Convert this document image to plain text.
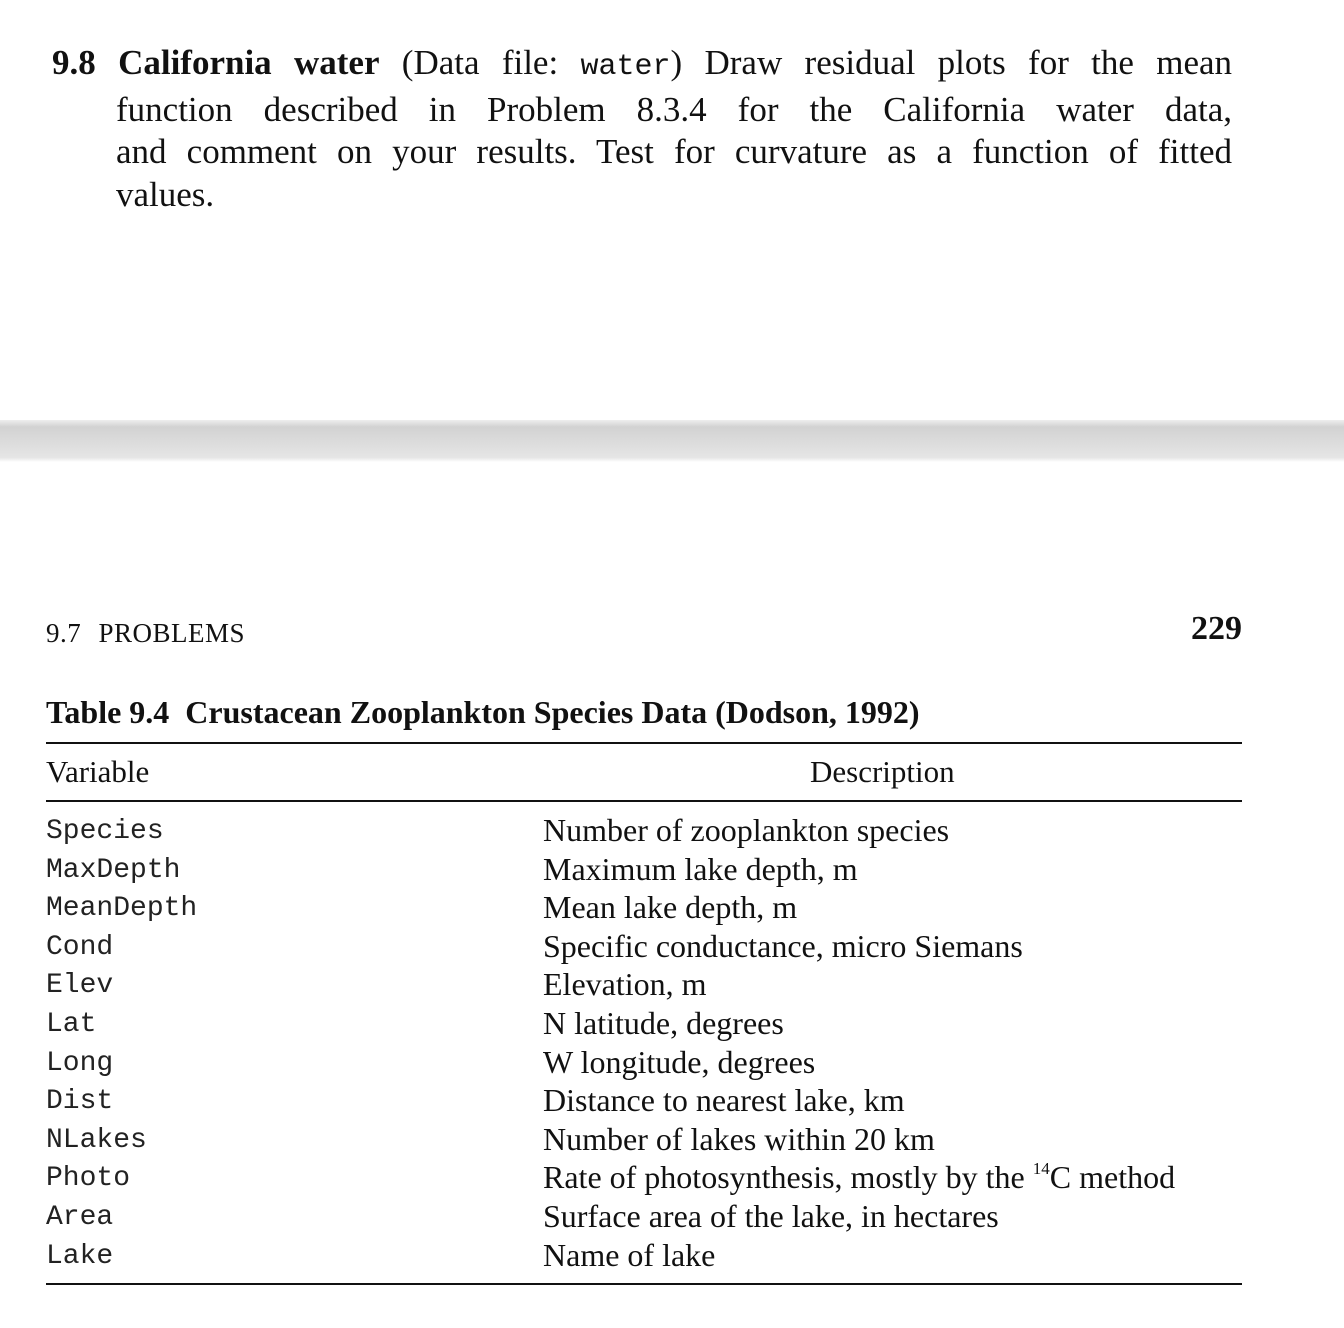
9.8 California water (Data file: water) Draw residual plots for the mean
function described in Problem 8.3.4 for the California water data,
and comment on your results. Test for curvature as a function of fitted
values.
9.7 PROBLEMS	229
Table 9.4 Crustacean Zooplankton Species Data (Dodson, 1992)
Variable	Description
Species	Number of zooplankton species
MaxDepth	Maximum lake depth, m
MeanDepth	Mean lake depth, m
Cond	Specific conductance, micro Siemans
Elev	Elevation, m
Lat	N latitude, degrees
Long	W longitude, degrees
Dist	Distance to nearest lake, km
NLakes	Number of lakes within 20 km
Photo	Rate of photosynthesis, mostly by the $^{14}$C method
Area	Surface area of the lake, in hectares
Lake	Name of lake
